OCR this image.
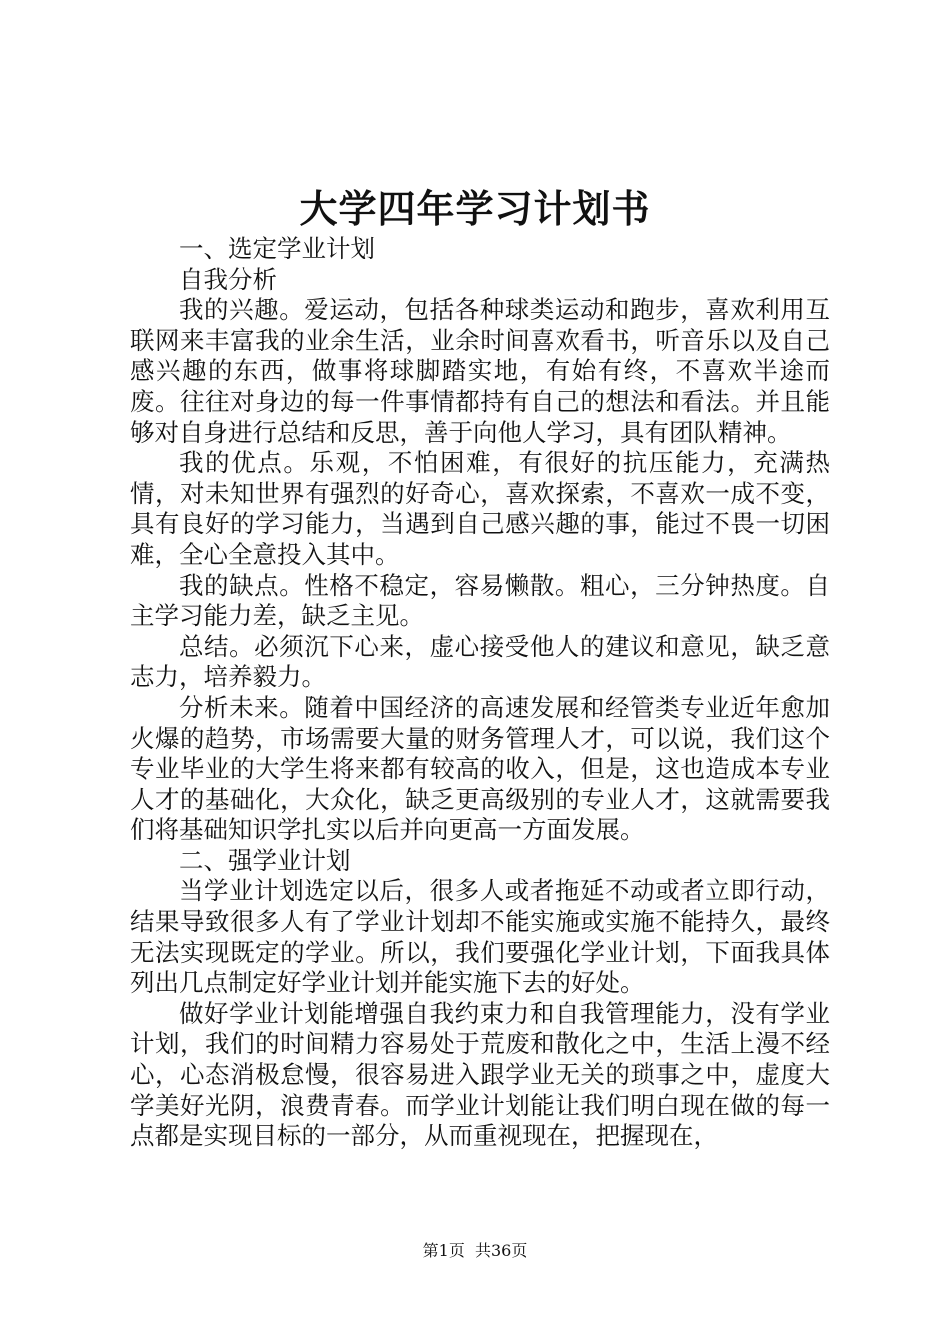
大学四年学习计划书

一、选定学业计划

自我分析

我的兴趣。爱运动，包括各种球类运动和跑步，喜欢利用互联网来丰富我的业余生活，业余时间喜欢看书，听音乐以及自己感兴趣的东西，做事将球脚踏实地，有始有终，不喜欢半途而废。往往对身边的每一件事情都持有自己的想法和看法。并且能够对自身进行总结和反思，善于向他人学习，具有团队精神。

我的优点。乐观，不怕困难，有很好的抗压能力，充满热情，对未知世界有强烈的好奇心，喜欢探索，不喜欢一成不变，具有良好的学习能力，当遇到自己感兴趣的事，能过不畏一切困难，全心全意投入其中。

我的缺点。性格不稳定，容易懒散。粗心，三分钟热度。自主学习能力差，缺乏主见。

总结。必须沉下心来，虚心接受他人的建议和意见，缺乏意志力，培养毅力。

分析未来。随着中国经济的高速发展和经管类专业近年愈加火爆的趋势，市场需要大量的财务管理人才，可以说，我们这个专业毕业的大学生将来都有较高的收入，但是，这也造成本专业人才的基础化，大众化，缺乏更高级别的专业人才，这就需要我们将基础知识学扎实以后并向更高一方面发展。

二、强学业计划

当学业计划选定以后，很多人或者拖延不动或者立即行动，结果导致很多人有了学业计划却不能实施或实施不能持久，最终无法实现既定的学业。所以，我们要强化学业计划，下面我具体列出几点制定好学业计划并能实施下去的好处。

做好学业计划能增强自我约束力和自我管理能力，没有学业计划，我们的时间精力容易处于荒废和散化之中，生活上漫不经心，心态消极怠慢，很容易进入跟学业无关的琐事之中，虚度大学美好光阴，浪费青春。而学业计划能让我们明白现在做的每一点都是实现目标的一部分，从而重视现在，把握现在，

第1页  共36页
